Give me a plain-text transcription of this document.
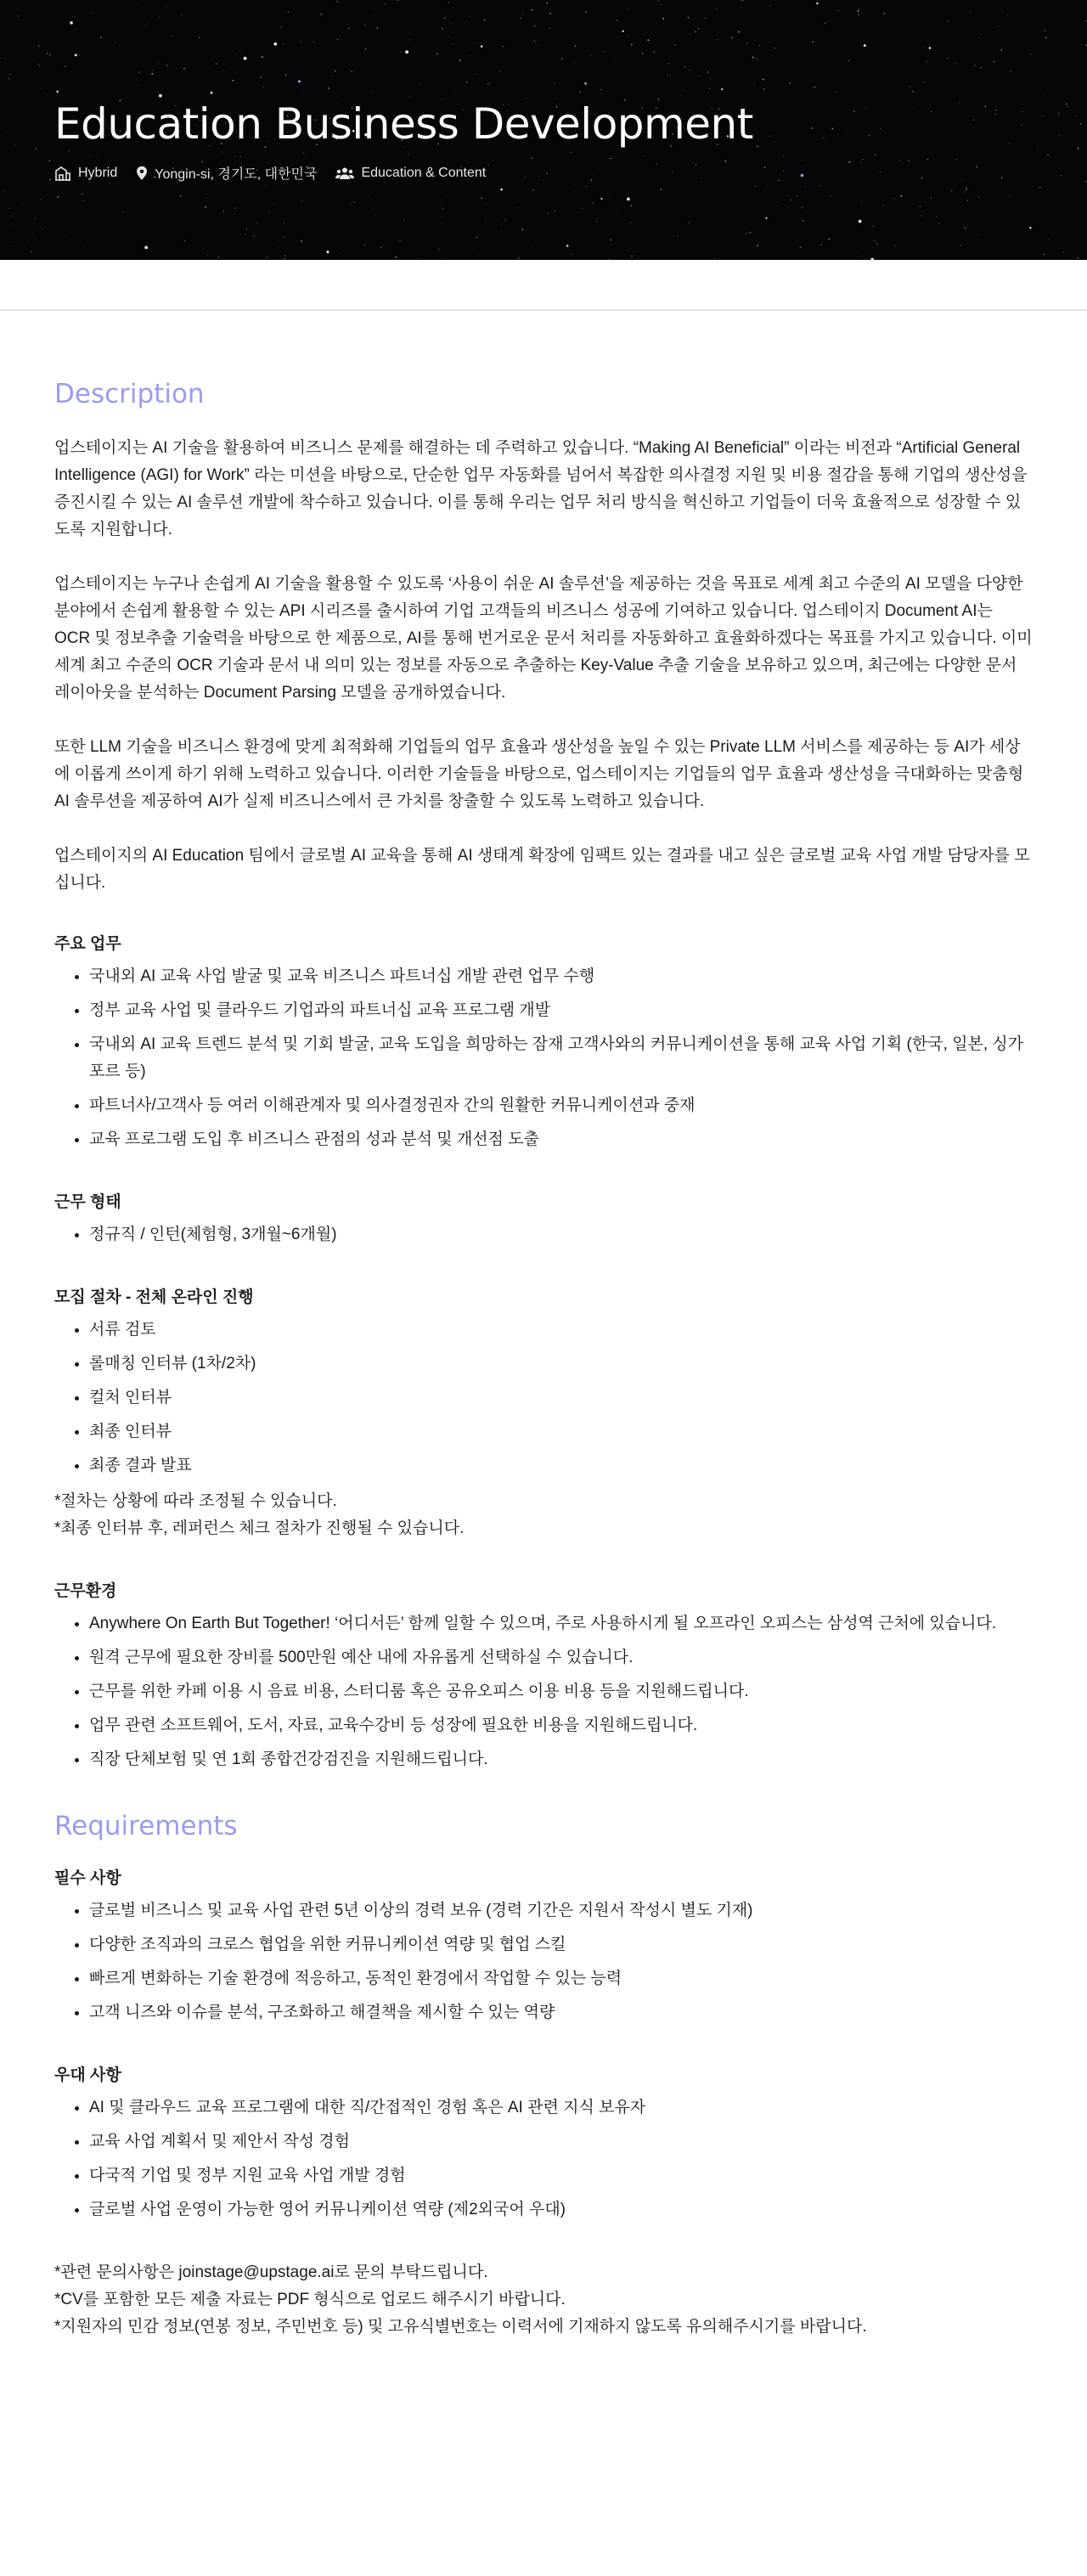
Education Business Development
Hybrid	Yongin-si, 경기도, 대한민국	Education & Content
Description

업스테이지는 AI 기술을 활용하여 비즈니스 문제를 해결하는 데 주력하고 있습니다. “Making AI Beneficial” 이라는 비전과 “Artificial General Intelligence (AGI) for Work” 라는 미션을 바탕으로, 단순한 업무 자동화를 넘어서 복잡한 의사결정 지원 및 비용 절감을 통해 기업의 생산성을 증진시킬 수 있는 AI 솔루션 개발에 착수하고 있습니다. 이를 통해 우리는 업무 처리 방식을 혁신하고 기업들이 더욱 효율적으로 성장할 수 있도록 지원합니다.

업스테이지는 누구나 손쉽게 AI 기술을 활용할 수 있도록 ‘사용이 쉬운 AI 솔루션’을 제공하는 것을 목표로 세계 최고 수준의 AI 모델을 다양한 분야에서 손쉽게 활용할 수 있는 API 시리즈를 출시하여 기업 고객들의 비즈니스 성공에 기여하고 있습니다. 업스테이지 Document AI는 OCR 및 정보추출 기술력을 바탕으로 한 제품으로, AI를 통해 번거로운 문서 처리를 자동화하고 효율화하겠다는 목표를 가지고 있습니다. 이미 세계 최고 수준의 OCR 기술과 문서 내 의미 있는 정보를 자동으로 추출하는 Key-Value 추출 기술을 보유하고 있으며, 최근에는 다양한 문서 레이아웃을 분석하는 Document Parsing 모델을 공개하였습니다.

또한 LLM 기술을 비즈니스 환경에 맞게 최적화해 기업들의 업무 효율과 생산성을 높일 수 있는 Private LLM 서비스를 제공하는 등 AI가 세상에 이롭게 쓰이게 하기 위해 노력하고 있습니다. 이러한 기술들을 바탕으로, 업스테이지는 기업들의 업무 효율과 생산성을 극대화하는 맞춤형 AI 솔루션을 제공하여 AI가 실제 비즈니스에서 큰 가치를 창출할 수 있도록 노력하고 있습니다.

업스테이지의 AI Education 팀에서 글로벌 AI 교육을 통해 AI 생태계 확장에 임팩트 있는 결과를 내고 싶은 글로벌 교육 사업 개발 담당자를 모십니다.

주요 업무
• 국내외 AI 교육 사업 발굴 및 교육 비즈니스 파트너십 개발 관련 업무 수행
• 정부 교육 사업 및 클라우드 기업과의 파트너십 교육 프로그램 개발
• 국내외 AI 교육 트렌드 분석 및 기회 발굴, 교육 도입을 희망하는 잠재 고객사와의 커뮤니케이션을 통해 교육 사업 기획 (한국, 일본, 싱가포르 등)
• 파트너사/고객사 등 여러 이해관계자 및 의사결정권자 간의 원활한 커뮤니케이션과 중재
• 교육 프로그램 도입 후 비즈니스 관점의 성과 분석 및 개선점 도출
근무 형태
• 정규직 / 인턴(체험형, 3개월~6개월)
모집 절차 - 전체 온라인 진행
• 서류 검토
• 롤매칭 인터뷰 (1차/2차)
• 컬처 인터뷰
• 최종 인터뷰
• 최종 결과 발표

*절차는 상황에 따라 조정될 수 있습니다.

*최종 인터뷰 후, 레퍼런스 체크 절차가 진행될 수 있습니다.

근무환경
• Anywhere On Earth But Together! ‘어디서든’ 함께 일할 수 있으며, 주로 사용하시게 될 오프라인 오피스는 삼성역 근처에 있습니다.
• 원격 근무에 필요한 장비를 500만원 예산 내에 자유롭게 선택하실 수 있습니다.
• 근무를 위한 카페 이용 시 음료 비용, 스터디룸 혹은 공유오피스 이용 비용 등을 지원해드립니다.
• 업무 관련 소프트웨어, 도서, 자료, 교육수강비 등 성장에 필요한 비용을 지원해드립니다.
• 직장 단체보험 및 연 1회 종합건강검진을 지원해드립니다.
Requirements
필수 사항
• 글로벌 비즈니스 및 교육 사업 관련 5년 이상의 경력 보유 (경력 기간은 지원서 작성시 별도 기재)
• 다양한 조직과의 크로스 협업을 위한 커뮤니케이션 역량 및 협업 스킬
• 빠르게 변화하는 기술 환경에 적응하고, 동적인 환경에서 작업할 수 있는 능력
• 고객 니즈와 이슈를 분석, 구조화하고 해결책을 제시할 수 있는 역량
우대 사항
• AI 및 클라우드 교육 프로그램에 대한 직/간접적인 경험 혹은 AI 관련 지식 보유자
• 교육 사업 계획서 및 제안서 작성 경험
• 다국적 기업 및 정부 지원 교육 사업 개발 경험
• 글로벌 사업 운영이 가능한 영어 커뮤니케이션 역량 (제2외국어 우대)

*관련 문의사항은 joinstage@upstage.ai로 문의 부탁드립니다.

*CV를 포함한 모든 제출 자료는 PDF 형식으로 업로드 해주시기 바랍니다.

*지원자의 민감 정보(연봉 정보, 주민번호 등) 및 고유식별번호는 이력서에 기재하지 않도록 유의해주시기를 바랍니다.
